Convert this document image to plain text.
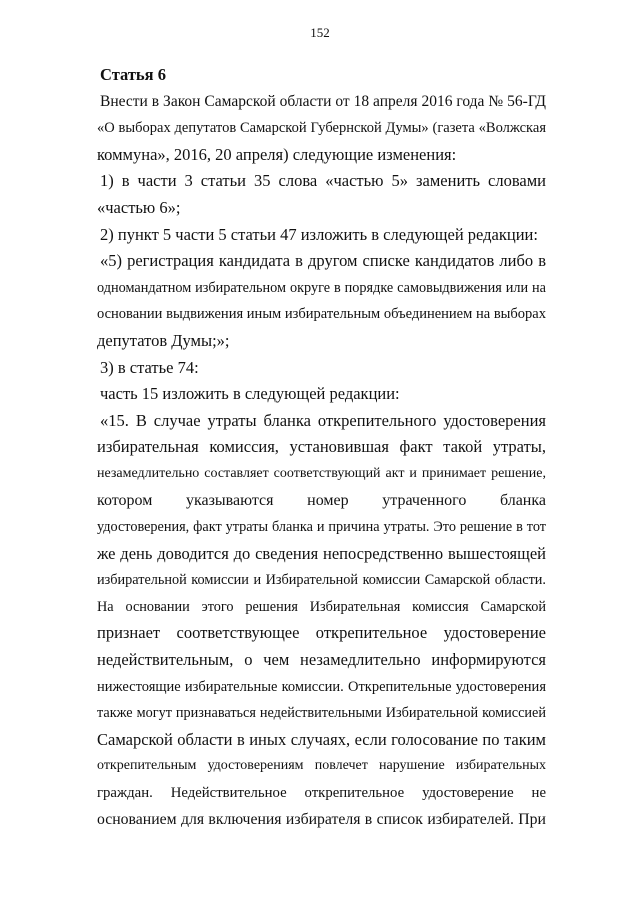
152
Статья 6
Внести в Закон Самарской области от 18 апреля 2016 года № 56-ГД
«О выборах депутатов Самарской Губернской Думы» (газета «Волжская
коммуна», 2016, 20 апреля) следующие изменения:
1) в части 3 статьи 35 слова «частью 5» заменить словами
«частью 6»;
2) пункт 5 части 5 статьи 47 изложить в следующей редакции:
«5) регистрация кандидата в другом списке кандидатов либо в
одномандатном избирательном округе в порядке самовыдвижения или на
основании выдвижения иным избирательным объединением на выборах
депутатов Думы;»;
3) в статье 74:
часть 15 изложить в следующей редакции:
«15. В случае утраты бланка открепительного удостоверения
избирательная комиссия, установившая факт такой утраты,
незамедлительно составляет соответствующий акт и принимает решение,
котором указываются номер утраченного бланка
удостоверения, факт утраты бланка и причина утраты. Это решение в тот
же день доводится до сведения непосредственно вышестоящей
избирательной комиссии и Избирательной комиссии Самарской области.
На основании этого решения Избирательная комиссия Самарской
признает соответствующее открепительное удостоверение
недействительным, о чем незамедлительно информируются
нижестоящие избирательные комиссии. Открепительные удостоверения
также могут признаваться недействительными Избирательной комиссией
Самарской области в иных случаях, если голосование по таким
открепительным удостоверениям повлечет нарушение избирательных
граждан. Недействительное открепительное удостоверение не
основанием для включения избирателя в список избирателей. При
